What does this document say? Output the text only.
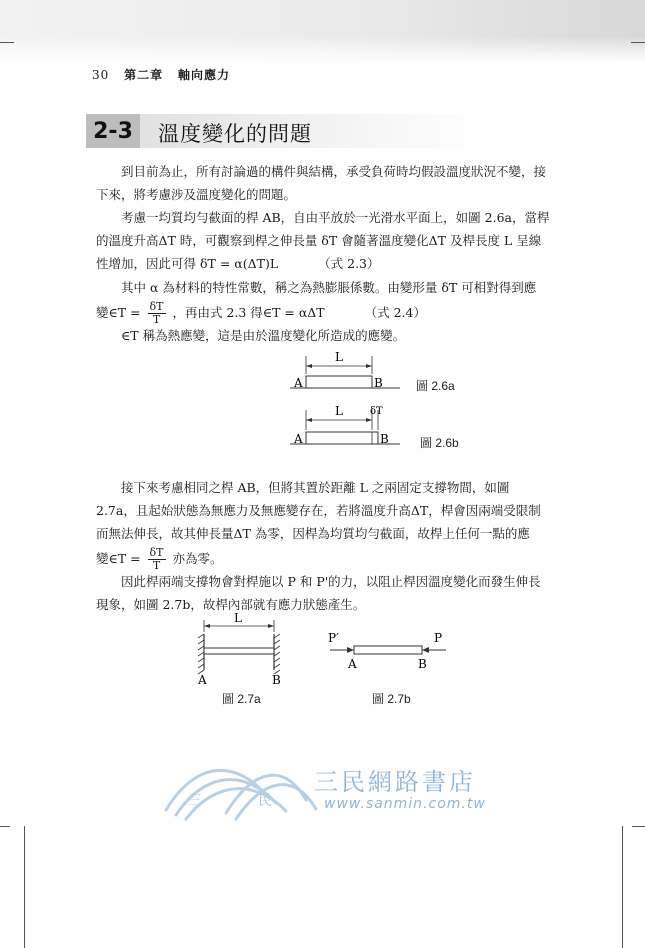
30 第二章 軸向應力
2-3 溫度變化的問題

到目前為止，所有討論過的構件與結構，承受負荷時均假設溫度狀況不變，接下來，將考慮涉及溫度變化的問題。

考慮一均質均勻截面的桿 AB，自由平放於一光滑水平面上，如圖 2.6a，當桿的溫度升高ΔT 時，可觀察到桿之伸長量 δT 會隨著溫度變化ΔT 及桿長度 L 呈線性增加，因此可得 δT = α(ΔT)L	（式 2.3）

其中 α 為材料的特性常數，稱之為熱膨脹係數。由變形量 δT 可相對得到應

變∈T = $\frac{\delta T}{T}$ ，再由式 2.3 得∈T = αΔT	（式 2.4）

∈T 稱為熱應變，這是由於溫度變化所造成的應變。

L
A	B
L	δT
A	B
圖 2.6a
圖 2.6b

接下來考慮相同之桿 AB，但將其置於距離 L 之兩固定支撐物間，如圖 2.7a，且起始狀態為無應力及無應變存在，若將溫度升高ΔT，桿會因兩端受限制而無法伸長，故其伸長量ΔT 為零，因桿為均質均勻截面，故桿上任何一點的應

變∈T = $\frac{\delta T}{T}$ 亦為零。

因此桿兩端支撐物會對桿施以 P 和 P'的力，以阻止桿因溫度變化而發生伸長現象，如圖 2.7b，故桿內部就有應力狀態產生。

L
A	B
P′	P
A	B
圖 2.7a	圖 2.7b
三	民
三民網路書店
www.sanmin.com.tw
